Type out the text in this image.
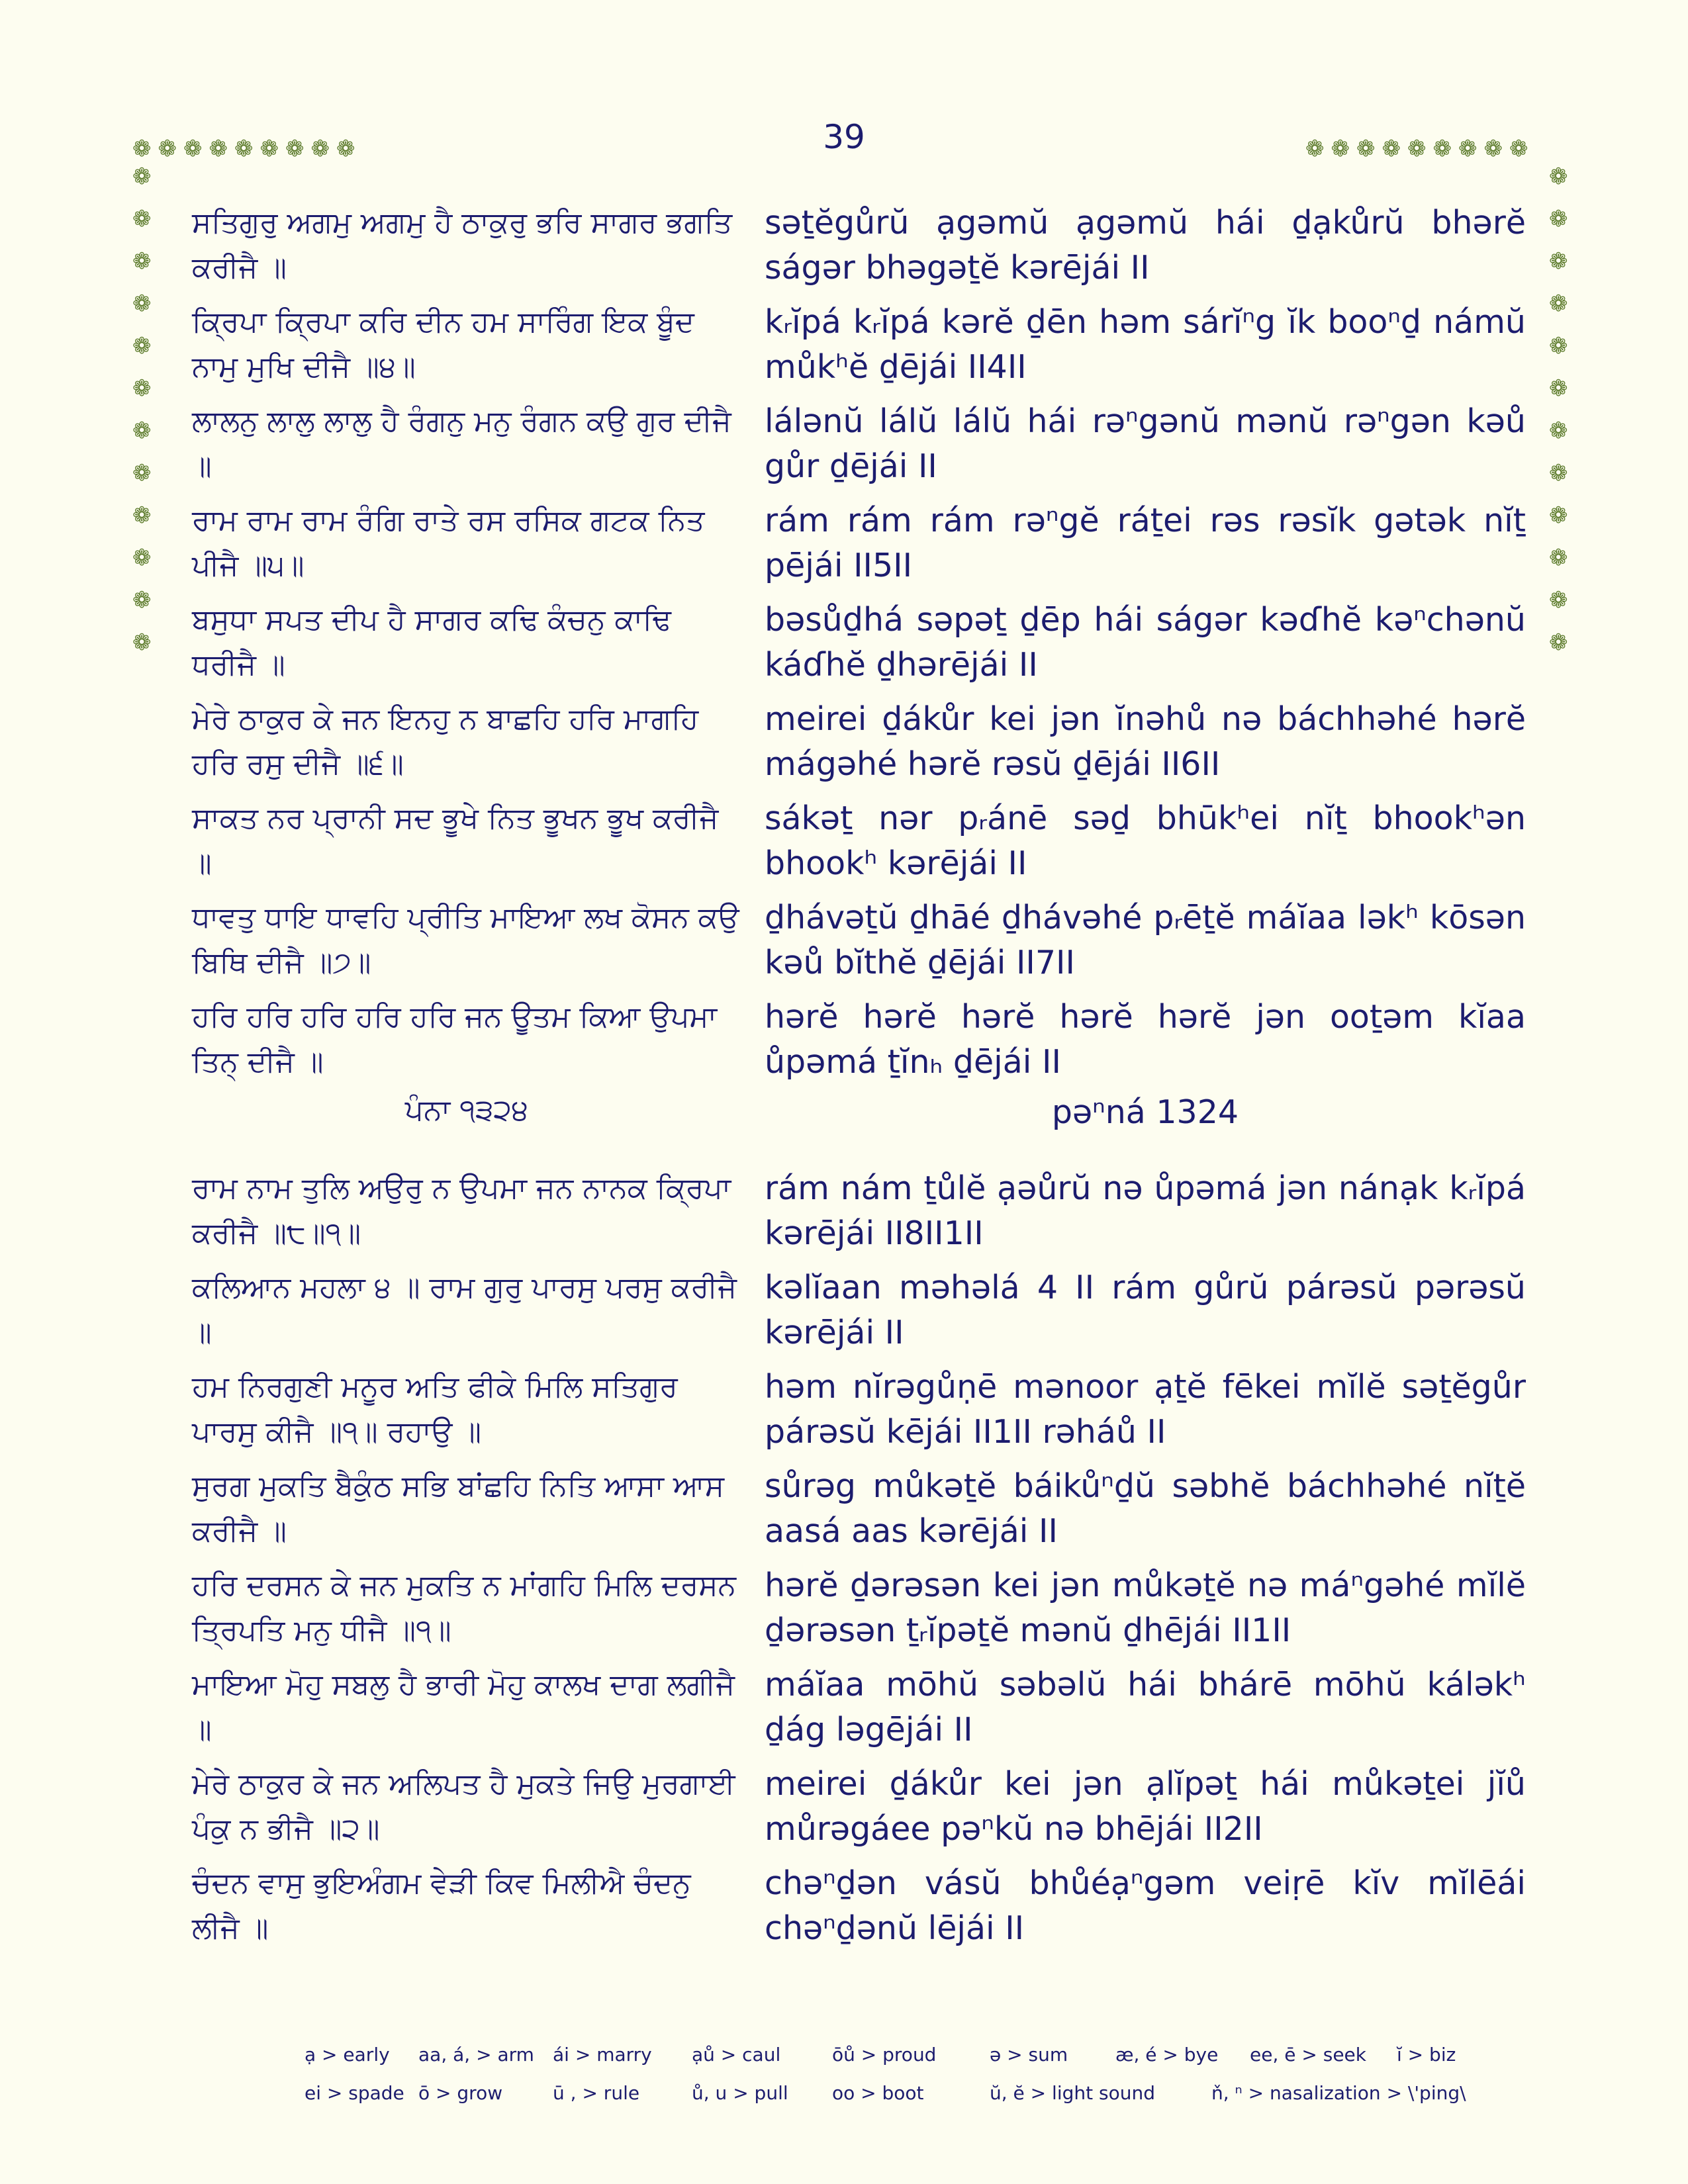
39
❁❁❁❁❁❁❁❁❁	❁❁❁❁❁❁❁❁❁
❁
❁
❁
❁
❁
❁
❁
❁
❁
❁
❁
❁
❁
❁
❁
❁
❁
❁
❁
❁
❁
❁
❁
❁
ਸਤਿਗੁਰੁ ਅਗਮੁ ਅਗਮੁ ਹੈ ਠਾਕੁਰੁ ਭਰਿ ਸਾਗਰ ਭਗਤਿ ਕਰੀਜੈ ॥
səṯĕgůrŭ ạgəmŭ ạgəmŭ hái ḏạkůrŭ bhərĕ ságər bhəgəṯĕ kərējái II
ਕ੍ਰਿਪਾ ਕ੍ਰਿਪਾ ਕਰਿ ਦੀਨ ਹਮ ਸਾਰਿੰਗ ਇਕ ਬੂੰਦ ਨਾਮੁ ਮੁਖਿ ਦੀਜੈ ॥੪॥
kᵣĭpá kᵣĭpá kərĕ ḏēn həm sárĭⁿg ĭk booⁿḏ námŭ můkʰĕ ḏējái II4II
ਲਾਲਨੁ ਲਾਲੁ ਲਾਲੁ ਹੈ ਰੰਗਨੁ ਮਨੁ ਰੰਗਨ ਕਉ ਗੁਰ ਦੀਜੈ ॥
lálənŭ lálŭ lálŭ hái rəⁿgənŭ mənŭ rəⁿgən kəů gůr ḏējái II
ਰਾਮ ਰਾਮ ਰਾਮ ਰੰਗਿ ਰਾਤੇ ਰਸ ਰਸਿਕ ਗਟਕ ਨਿਤ ਪੀਜੈ ॥੫॥
rám rám rám rəⁿgĕ ráṯei rəs rəsĭk gətək nĭṯ pējái II5II
ਬਸੁਧਾ ਸਪਤ ਦੀਪ ਹੈ ਸਾਗਰ ਕਢਿ ਕੰਚਨੁ ਕਾਢਿ ਧਰੀਜੈ ॥
bəsůḏhá səpəṯ ḏēp hái ságər kəɗhĕ kəⁿchənŭ káɗhĕ ḏhərējái II
ਮੇਰੇ ਠਾਕੁਰ ਕੇ ਜਨ ਇਨਹੁ ਨ ਬਾਛਹਿ ਹਰਿ ਮਾਗਹਿ ਹਰਿ ਰਸੁ ਦੀਜੈ ॥੬॥
meirei ḏákůr kei jən ĭnəhů nə báchhəhé hərĕ mágəhé hərĕ rəsŭ ḏējái II6II
ਸਾਕਤ ਨਰ ਪ੍ਰਾਨੀ ਸਦ ਭੂਖੇ ਨਿਤ ਭੂਖਨ ਭੂਖ ਕਰੀਜੈ ॥
sákəṯ nər pᵣánē səḏ bhūkʰei nĭṯ bhookʰən bhookʰ kərējái II
ਧਾਵਤੁ ਧਾਇ ਧਾਵਹਿ ਪ੍ਰੀਤਿ ਮਾਇਆ ਲਖ ਕੋਸਨ ਕਉ ਬਿਥਿ ਦੀਜੈ ॥੭॥
ḏhávəṯŭ ḏhāé ḏhávəhé pᵣēṯĕ máĭaa ləkʰ kōsən kəů bĭthĕ ḏējái II7II
ਹਰਿ ਹਰਿ ਹਰਿ ਹਰਿ ਹਰਿ ਜਨ ਊਤਮ ਕਿਆ ਉਪਮਾ ਤਿਨ੍ ਦੀਜੈ ॥
hərĕ hərĕ hərĕ hərĕ hərĕ jən ooṯəm kĭaa ůpəmá ṯĭnₕ ḏējái II
ਪੰਨਾ ੧੩੨੪	pəⁿná 1324
ਰਾਮ ਨਾਮ ਤੁਲਿ ਅਉਰੁ ਨ ਉਪਮਾ ਜਨ ਨਾਨਕ ਕ੍ਰਿਪਾ ਕਰੀਜੈ ॥੮॥੧॥
rám nám ṯůlĕ ạəůrŭ nə ůpəmá jən nánạk kᵣĭpá kərējái II8II1II
ਕਲਿਆਨ ਮਹਲਾ ੪ ॥ ਰਾਮ ਗੁਰੁ ਪਾਰਸੁ ਪਰਸੁ ਕਰੀਜੈ ॥
kəlĭaan məhəlá 4 II rám gůrŭ párəsŭ pərəsŭ kərējái II
ਹਮ ਨਿਰਗੁਣੀ ਮਨੂਰ ਅਤਿ ਫੀਕੇ ਮਿਲਿ ਸਤਿਗੁਰ ਪਾਰਸੁ ਕੀਜੈ ॥੧॥ ਰਹਾਉ ॥
həm nĭrəgůṇē mənoor ạṯĕ fēkei mĭlĕ səṯĕgůr párəsŭ kējái II1II rəháů II
ਸੁਰਗ ਮੁਕਤਿ ਬੈਕੁੰਠ ਸਭਿ ਬਾਂਛਹਿ ਨਿਤਿ ਆਸਾ ਆਸ ਕਰੀਜੈ ॥
sůrəg můkəṯĕ báikůⁿḏŭ səbhĕ báchhəhé nĭṯĕ aasá aas kərējái II
ਹਰਿ ਦਰਸਨ ਕੇ ਜਨ ਮੁਕਤਿ ਨ ਮਾਂਗਹਿ ਮਿਲਿ ਦਰਸਨ ਤ੍ਰਿਪਤਿ ਮਨੁ ਧੀਜੈ ॥੧॥
hərĕ ḏərəsən kei jən můkəṯĕ nə máⁿgəhé mĭlĕ ḏərəsən ṯᵣĭpəṯĕ mənŭ ḏhējái II1II
ਮਾਇਆ ਮੋਹੁ ਸਬਲੁ ਹੈ ਭਾਰੀ ਮੋਹੁ ਕਾਲਖ ਦਾਗ ਲਗੀਜੈ ॥
máĭaa mōhŭ səbəlŭ hái bhárē mōhŭ káləkʰ ḏág ləgējái II
ਮੇਰੇ ਠਾਕੁਰ ਕੇ ਜਨ ਅਲਿਪਤ ਹੈ ਮੁਕਤੇ ਜਿਉ ਮੁਰਗਾਈ ਪੰਕੁ ਨ ਭੀਜੈ ॥੨॥
meirei ḏákůr kei jən ạlĭpəṯ hái můkəṯei jĭů můrəgáee pəⁿkŭ nə bhējái II2II
ਚੰਦਨ ਵਾਸੁ ਭੁਇਅੰਗਮ ਵੇੜੀ ਕਿਵ ਮਿਲੀਐ ਚੰਦਨੁ ਲੀਜੈ ॥
chəⁿḏən vásŭ bhůéạⁿgəm veiṛē kĭv mĭlēái chəⁿḏənŭ lējái II
ạ > early aa, á, > arm ái > marry ạů > caul	ōů > proud	ə > sum	æ, é > bye ee, ē > seek ĭ > biz
ei > spade ō > grow	ū , > rule	ů, u > pull oo > boot	ŭ, ĕ > light sound	ň, ⁿ > nasalization > \'ping\
